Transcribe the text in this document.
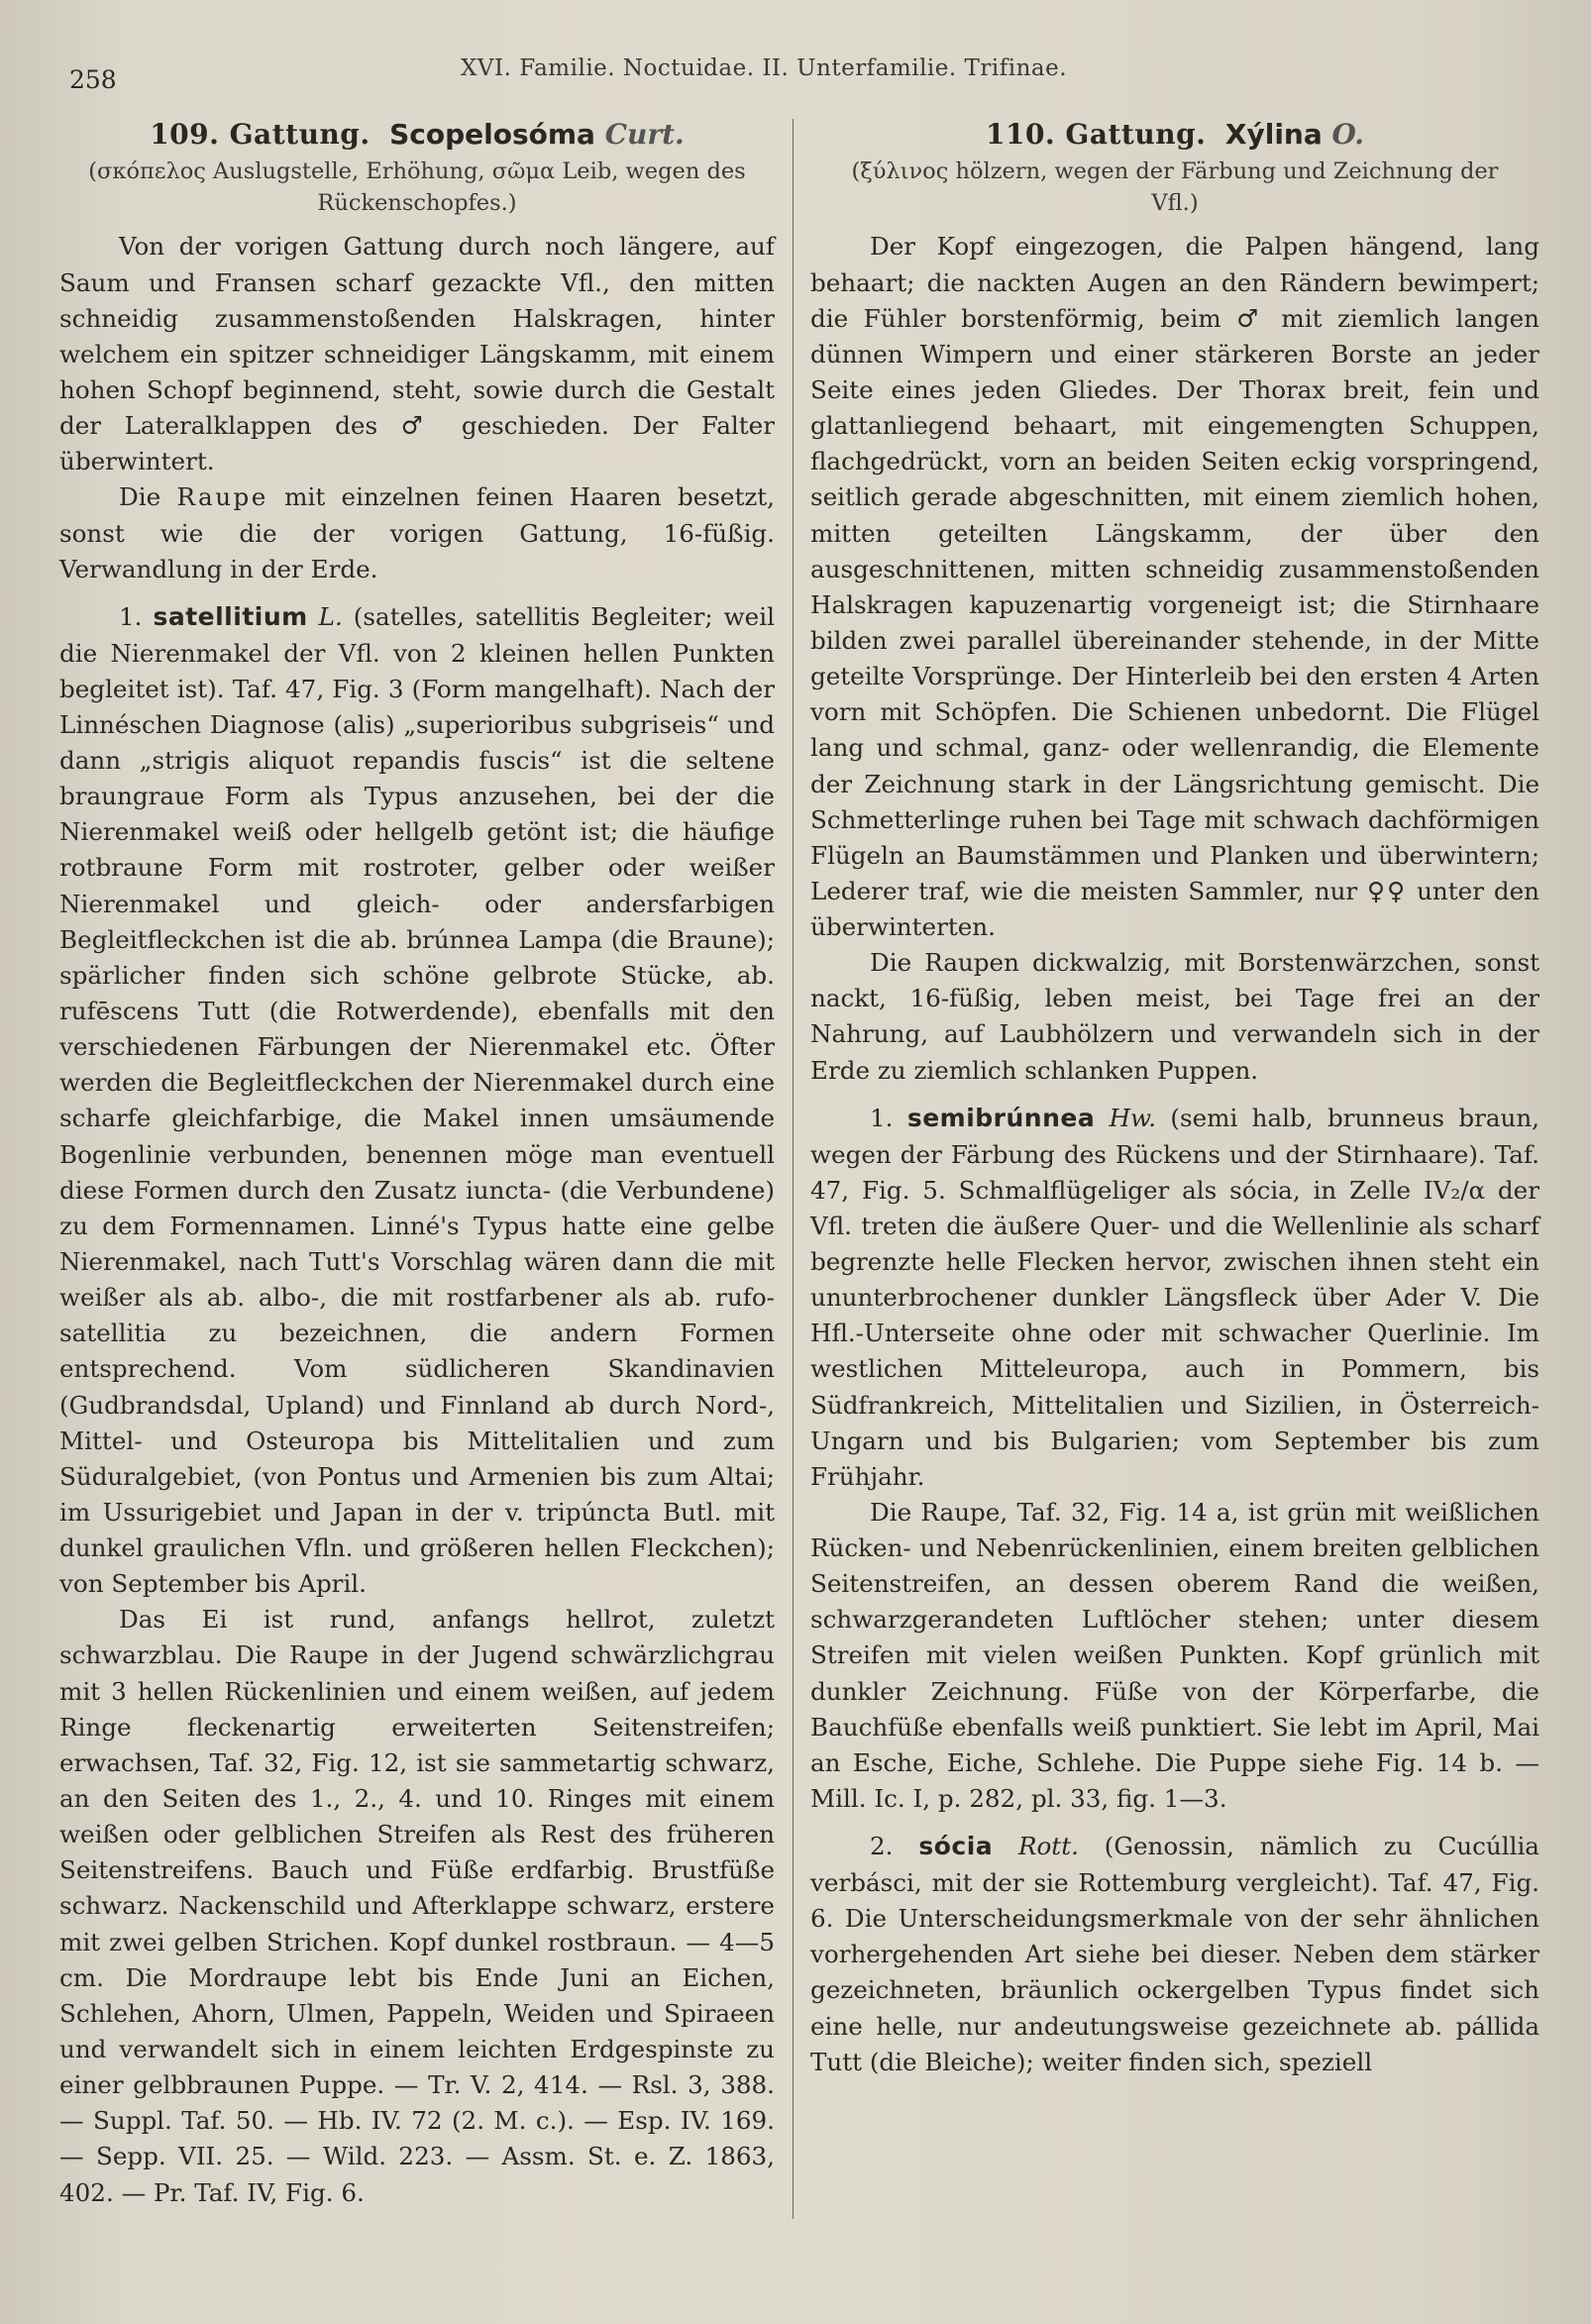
258	XVI. Familie. Noctuidae. II. Unterfamilie. Trifinae.
109. Gattung. Scopelosóma Curt.

(σκόπελος Auslugstelle, Erhöhung, σῶμα Leib, wegen des Rückenschopfes.)

Von der vorigen Gattung durch noch längere, auf Saum und Fransen scharf gezackte Vfl., den mitten schneidig zusammenstoßenden Halskragen, hinter welchem ein spitzer schneidiger Längskamm, mit einem hohen Schopf beginnend, steht, sowie durch die Gestalt der Lateralklappen des ♂ geschieden. Der Falter überwintert.

Die Raupe mit einzelnen feinen Haaren besetzt, sonst wie die der vorigen Gattung, 16-füßig. Verwandlung in der Erde.

1. satellitium L. (satelles, satellitis Begleiter; weil die Nierenmakel der Vfl. von 2 kleinen hellen Punkten begleitet ist). Taf. 47, Fig. 3 (Form mangelhaft). Nach der Linnéschen Diagnose (alis) „superioribus subgriseis“ und dann „strigis aliquot repandis fuscis“ ist die seltene braungraue Form als Typus anzusehen, bei der die Nierenmakel weiß oder hellgelb getönt ist; die häufige rotbraune Form mit rostroter, gelber oder weißer Nierenmakel und gleich- oder andersfarbigen Begleitfleckchen ist die ab. brúnnea Lampa (die Braune); spärlicher finden sich schöne gelbrote Stücke, ab. rufēscens Tutt (die Rotwerdende), ebenfalls mit den verschiedenen Färbungen der Nierenmakel etc. Öfter werden die Begleitfleckchen der Nierenmakel durch eine scharfe gleichfarbige, die Makel innen umsäumende Bogenlinie verbunden, benennen möge man eventuell diese Formen durch den Zusatz iuncta- (die Verbundene) zu dem Formennamen. Linné's Typus hatte eine gelbe Nierenmakel, nach Tutt's Vorschlag wären dann die mit weißer als ab. albo-, die mit rostfarbener als ab. rufo-satellitia zu bezeichnen, die andern Formen entsprechend. Vom südlicheren Skandinavien (Gudbrandsdal, Upland) und Finnland ab durch Nord-, Mittel- und Osteuropa bis Mittelitalien und zum Süduralgebiet, (von Pontus und Armenien bis zum Altai; im Ussurigebiet und Japan in der v. tripúncta Butl. mit dunkel graulichen Vfln. und größeren hellen Fleckchen); von September bis April.

Das Ei ist rund, anfangs hellrot, zuletzt schwarzblau. Die Raupe in der Jugend schwärzlichgrau mit 3 hellen Rückenlinien und einem weißen, auf jedem Ringe fleckenartig erweiterten Seitenstreifen; erwachsen, Taf. 32, Fig. 12, ist sie sammetartig schwarz, an den Seiten des 1., 2., 4. und 10. Ringes mit einem weißen oder gelblichen Streifen als Rest des früheren Seitenstreifens. Bauch und Füße erdfarbig. Brustfüße schwarz. Nackenschild und Afterklappe schwarz, erstere mit zwei gelben Strichen. Kopf dunkel rostbraun. — 4—5 cm. Die Mordraupe lebt bis Ende Juni an Eichen, Schlehen, Ahorn, Ulmen, Pappeln, Weiden und Spiraeen und verwandelt sich in einem leichten Erdgespinste zu einer gelbbraunen Puppe. — Tr. V. 2, 414. — Rsl. 3, 388. — Suppl. Taf. 50. — Hb. IV. 72 (2. M. c.). — Esp. IV. 169. — Sepp. VII. 25. — Wild. 223. — Assm. St. e. Z. 1863, 402. — Pr. Taf. IV, Fig. 6.

110. Gattung. Xýlina O.

(ξύλινος hölzern, wegen der Färbung und Zeichnung der Vfl.)

Der Kopf eingezogen, die Palpen hängend, lang behaart; die nackten Augen an den Rändern bewimpert; die Fühler borstenförmig, beim ♂ mit ziemlich langen dünnen Wimpern und einer stärkeren Borste an jeder Seite eines jeden Gliedes. Der Thorax breit, fein und glattanliegend behaart, mit eingemengten Schuppen, flachgedrückt, vorn an beiden Seiten eckig vorspringend, seitlich gerade abgeschnitten, mit einem ziemlich hohen, mitten geteilten Längskamm, der über den ausgeschnittenen, mitten schneidig zusammenstoßenden Halskragen kapuzenartig vorgeneigt ist; die Stirnhaare bilden zwei parallel übereinander stehende, in der Mitte geteilte Vorsprünge. Der Hinterleib bei den ersten 4 Arten vorn mit Schöpfen. Die Schienen unbedornt. Die Flügel lang und schmal, ganz- oder wellenrandig, die Elemente der Zeichnung stark in der Längsrichtung gemischt. Die Schmetterlinge ruhen bei Tage mit schwach dachförmigen Flügeln an Baumstämmen und Planken und überwintern; Lederer traf, wie die meisten Sammler, nur ♀♀ unter den überwinterten.

Die Raupen dickwalzig, mit Borstenwärzchen, sonst nackt, 16-füßig, leben meist, bei Tage frei an der Nahrung, auf Laubhölzern und verwandeln sich in der Erde zu ziemlich schlanken Puppen.

1. semibrúnnea Hw. (semi halb, brunneus braun, wegen der Färbung des Rückens und der Stirnhaare). Taf. 47, Fig. 5. Schmalflügeliger als sócia, in Zelle IV₂/α der Vfl. treten die äußere Quer- und die Wellenlinie als scharf begrenzte helle Flecken hervor, zwischen ihnen steht ein ununterbrochener dunkler Längsfleck über Ader V. Die Hfl.-Unterseite ohne oder mit schwacher Querlinie. Im westlichen Mitteleuropa, auch in Pommern, bis Südfrankreich, Mittelitalien und Sizilien, in Österreich-Ungarn und bis Bulgarien; vom September bis zum Frühjahr.

Die Raupe, Taf. 32, Fig. 14 a, ist grün mit weißlichen Rücken- und Nebenrückenlinien, einem breiten gelblichen Seitenstreifen, an dessen oberem Rand die weißen, schwarzgerandeten Luftlöcher stehen; unter diesem Streifen mit vielen weißen Punkten. Kopf grünlich mit dunkler Zeichnung. Füße von der Körperfarbe, die Bauchfüße ebenfalls weiß punktiert. Sie lebt im April, Mai an Esche, Eiche, Schlehe. Die Puppe siehe Fig. 14 b. — Mill. Ic. I, p. 282, pl. 33, fig. 1—3.

2. sócia Rott. (Genossin, nämlich zu Cucúllia verbásci, mit der sie Rottemburg vergleicht). Taf. 47, Fig. 6. Die Unterscheidungsmerkmale von der sehr ähnlichen vorhergehenden Art siehe bei dieser. Neben dem stärker gezeichneten, bräunlich ockergelben Typus findet sich eine helle, nur andeutungsweise gezeichnete ab. pállida Tutt (die Bleiche); weiter finden sich, speziell
